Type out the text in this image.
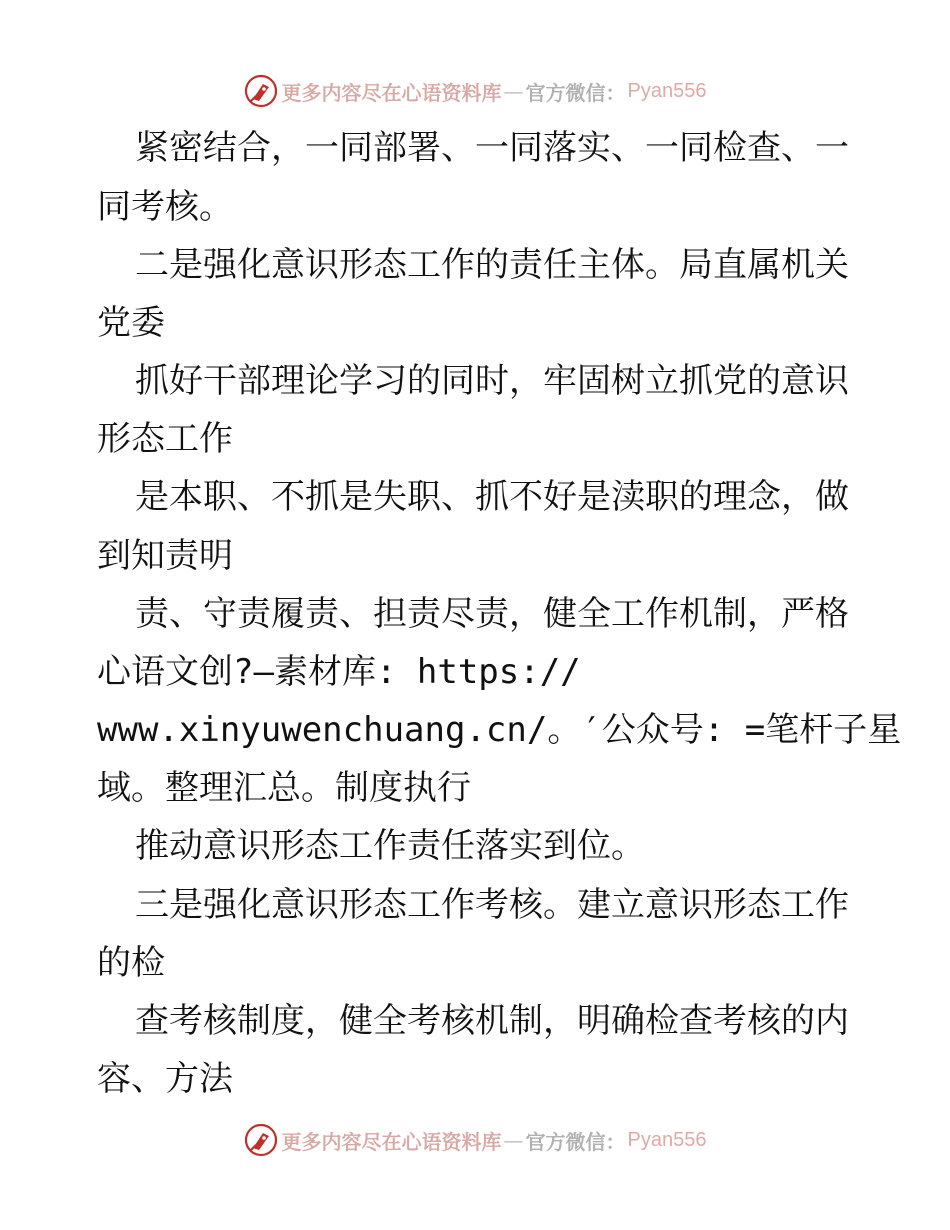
更多内容尽在心语资料库 — 官方微信： Pyan556
紧密结合，一同部署、一同落实、一同检查、一
同考核。
二是强化意识形态工作的责任主体。局直属机关
党委
抓好干部理论学习的同时，牢固树立抓党的意识
形态工作
是本职、不抓是失职、抓不好是渎职的理念，做
到知责明
责、守责履责、担责尽责，健全工作机制，严格
心语文创?—素材库: https://
www.xinyuwenchuang.cn/。′公众号: =笔杆子星
域。整理汇总。制度执行
推动意识形态工作责任落实到位。
三是强化意识形态工作考核。建立意识形态工作
的检
查考核制度，健全考核机制，明确检查考核的内
容、方法
更多内容尽在心语资料库 — 官方微信： Pyan556
